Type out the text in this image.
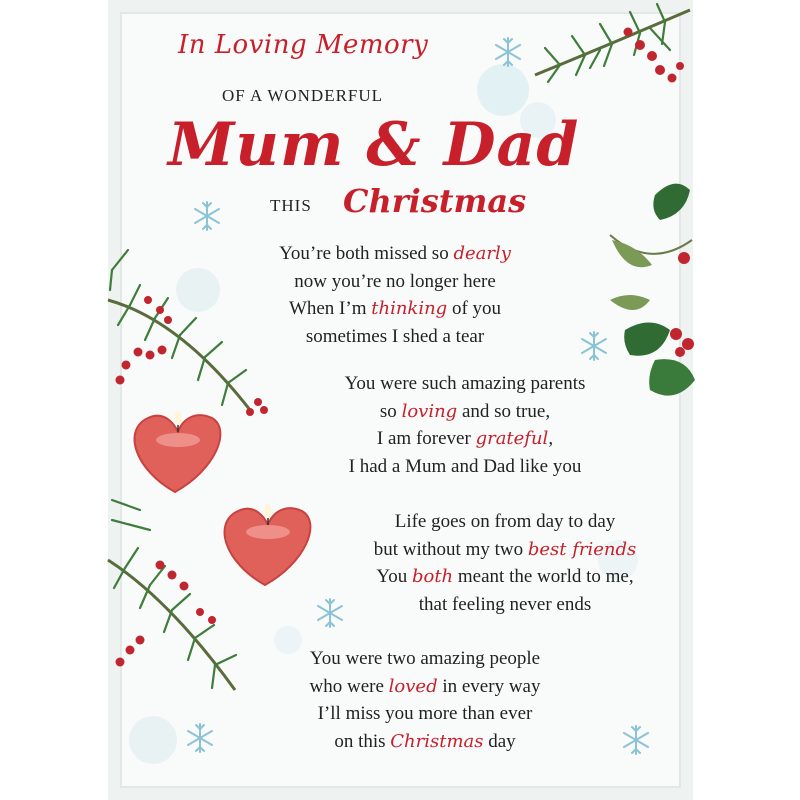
In Loving Memory
OF A WONDERFUL
Mum & Dad
THIS Christmas
You’re both missed so dearly
now you’re no longer here
When I’m thinking of you
sometimes I shed a tear
You were such amazing parents
so loving and so true,
I am forever grateful,
I had a Mum and Dad like you
Life goes on from day to day
but without my two best friends
You both meant the world to me,
that feeling never ends
You were two amazing people
who were loved in every way
I’ll miss you more than ever
on this Christmas day
